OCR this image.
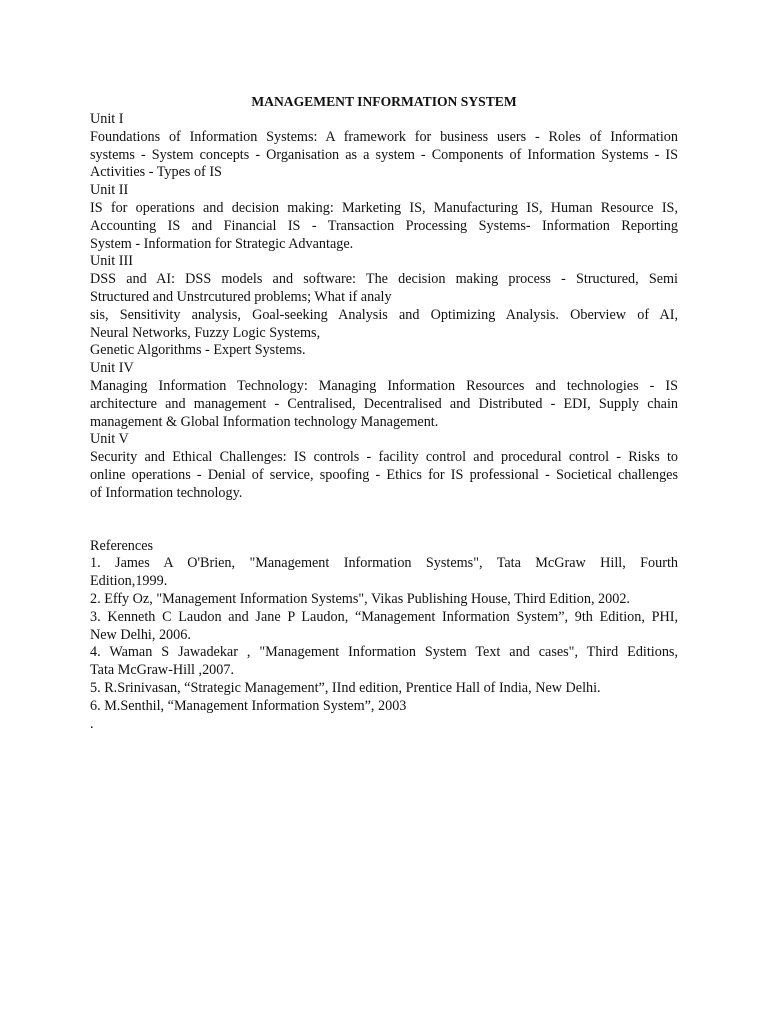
MANAGEMENT INFORMATION SYSTEM
Unit I
Foundations of Information Systems: A framework for business users - Roles of Information
systems - System concepts - Organisation as a system - Components of Information Systems - IS
Activities - Types of IS
Unit II
IS for operations and decision making: Marketing IS, Manufacturing IS, Human Resource IS,
Accounting IS and Financial IS - Transaction Processing Systems- Information Reporting
System - Information for Strategic Advantage.
Unit III
DSS and AI: DSS models and software: The decision making process - Structured, Semi
Structured and Unstrcutured problems; What if analy
sis, Sensitivity analysis, Goal-seeking Analysis and Optimizing Analysis. Oberview of AI,
Neural Networks, Fuzzy Logic Systems,
Genetic Algorithms - Expert Systems.
Unit IV
Managing Information Technology: Managing Information Resources and technologies - IS
architecture and management - Centralised, Decentralised and Distributed - EDI, Supply chain
management & Global Information technology Management.
Unit V
Security and Ethical Challenges: IS controls - facility control and procedural control - Risks to
online operations - Denial of service, spoofing - Ethics for IS professional - Societical challenges
of Information technology.
References
1. James A O'Brien, "Management Information Systems", Tata McGraw Hill, Fourth
Edition,1999.
2. Effy Oz, "Management Information Systems", Vikas Publishing House, Third Edition, 2002.
3. Kenneth C Laudon and Jane P Laudon, “Management Information System”, 9th Edition, PHI,
New Delhi, 2006.
4. Waman S Jawadekar , "Management Information System Text and cases", Third Editions,
Tata McGraw-Hill ,2007.
5. R.Srinivasan, “Strategic Management”, IInd edition, Prentice Hall of India, New Delhi.
6. M.Senthil, “Management Information System”, 2003
.
